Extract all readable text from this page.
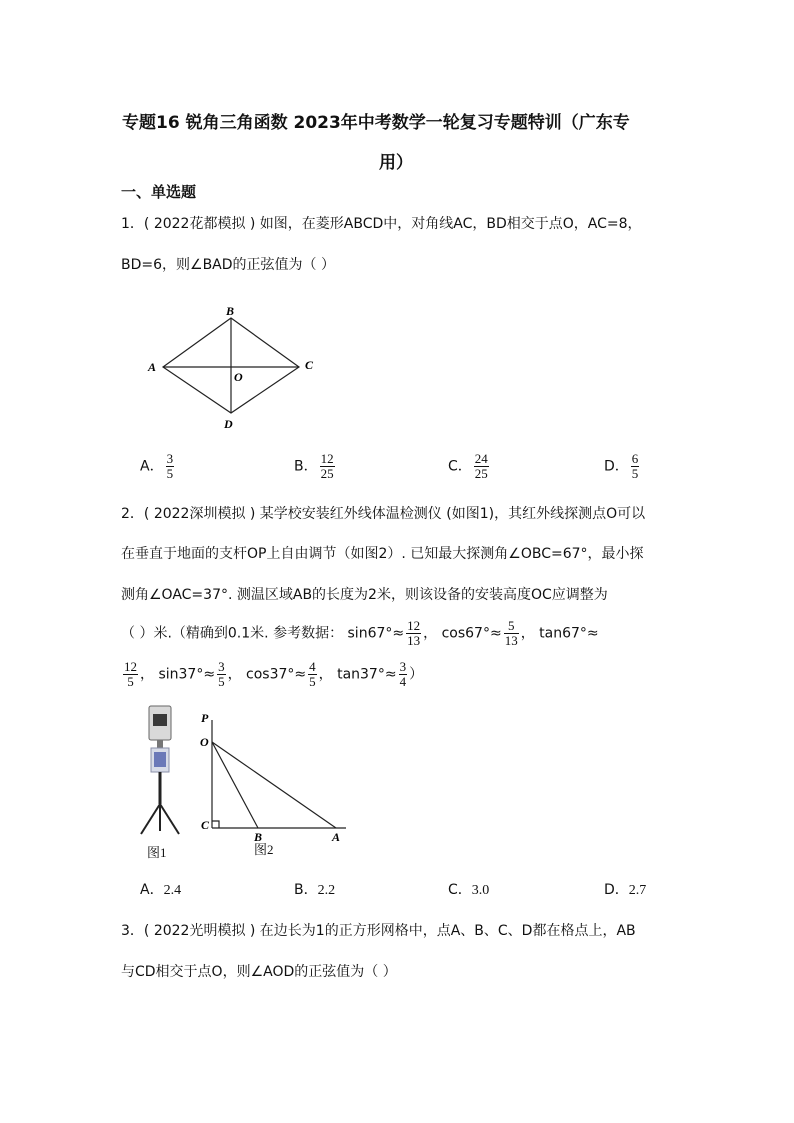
专题16 锐角三角函数 2023年中考数学一轮复习专题特训（广东专
用）
一、单选题
1．( 2022花都模拟 ) 如图，在菱形ABCD中，对角线AC，BD相交于点O，AC=8，
BD=6，则∠BAD的正弦值为（ ）
A
B
C
D
O
A． $\frac{3}{5}$	B． $\frac{12}{25}$	C． $\frac{24}{25}$	D． $\frac{6}{5}$
2．( 2022深圳模拟 ) 某学校安装红外线体温检测仪 (如图1)，其红外线探测点O可以
在垂直于地面的支杆OP上自由调节（如图2）. 已知最大探测角∠OBC=67°，最小探
测角∠OAC=37°. 测温区域AB的长度为2米，则该设备的安装高度OC应调整为
（ ）米.（精确到0.1米. 参考数据： $\sin 67^\circ\approx \frac{12}{13}$ ， $\cos 67^\circ\approx \frac{5}{13}$ ， tan67°≈
$\frac{12}{5}$ ， $\sin 37^\circ\approx \frac{3}{5}$ ， $\cos 37^\circ\approx \frac{4}{5}$ ， $\tan 37^\circ\approx \frac{3}{4}$ ）
图1
P
O
C
B	A
图2
A．2.4	B．2.2	C．3.0	D．2.7
3．( 2022光明模拟 ) 在边长为1的正方形网格中，点A、B、C、D都在格点上，AB
与CD相交于点O，则∠AOD的正弦值为（ ）
